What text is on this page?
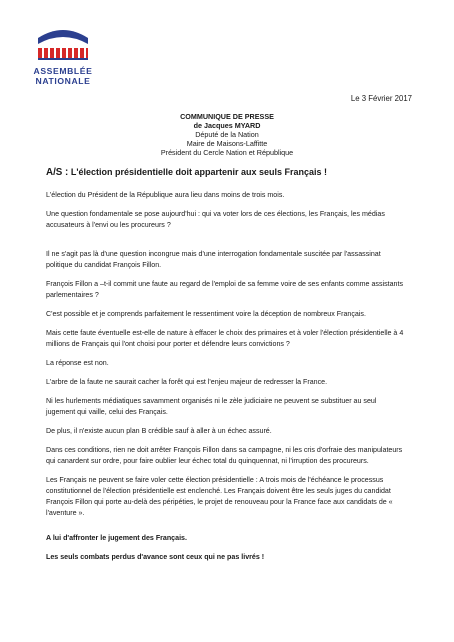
ASSEMBLÉE
NATIONALE
Le 3 Février 2017
COMMUNIQUE DE PRESSE
de Jacques MYARD
Député de la Nation
Maire de Maisons-Laffitte
Président du Cercle Nation et République
A/S : L'élection présidentielle doit appartenir aux seuls Français !

L'élection du Président de la République aura lieu dans moins de trois mois.

Une question fondamentale se pose aujourd'hui : qui va voter lors de ces élections, les Français, les médias accusateurs à l'envi ou les procureurs ?

Il ne s'agit pas là d'une question incongrue mais d'une interrogation fondamentale suscitée par l'assassinat politique du candidat François Fillon.

François Fillon a –t-il commit une faute au regard de l'emploi de sa femme voire de ses enfants comme assistants parlementaires ?

C'est possible et je comprends parfaitement le ressentiment voire la déception de nombreux Français.

Mais cette faute éventuelle est-elle de nature à effacer le choix des primaires et à voler l'élection présidentielle à 4 millions de Français qui l'ont choisi pour porter et défendre leurs convictions ?

La réponse est non.

L'arbre de la faute ne saurait cacher la forêt qui est l'enjeu majeur de redresser la France.

Ni les hurlements médiatiques savamment organisés ni le zèle judiciaire ne peuvent se substituer au seul jugement qui vaille, celui des Français.

De plus, il n'existe aucun plan B crédible sauf à aller à un échec assuré.

Dans ces conditions, rien ne doit arrêter François Fillon dans sa campagne, ni les cris d'orfraie des manipulateurs qui canardent sur ordre, pour faire oublier leur échec total du quinquennat, ni l'irruption des procureurs.

Les Français ne peuvent se faire voler cette élection présidentielle : A trois mois de l'échéance le processus constitutionnel de l'élection présidentielle est enclenché. Les Français doivent être les seuls juges du candidat François Fillon qui porte au-delà des péripéties, le projet de renouveau pour la France face aux candidats de « l'aventure ».

A lui d'affronter le jugement des Français.

Les seuls combats perdus d'avance sont ceux qui ne pas livrés !
